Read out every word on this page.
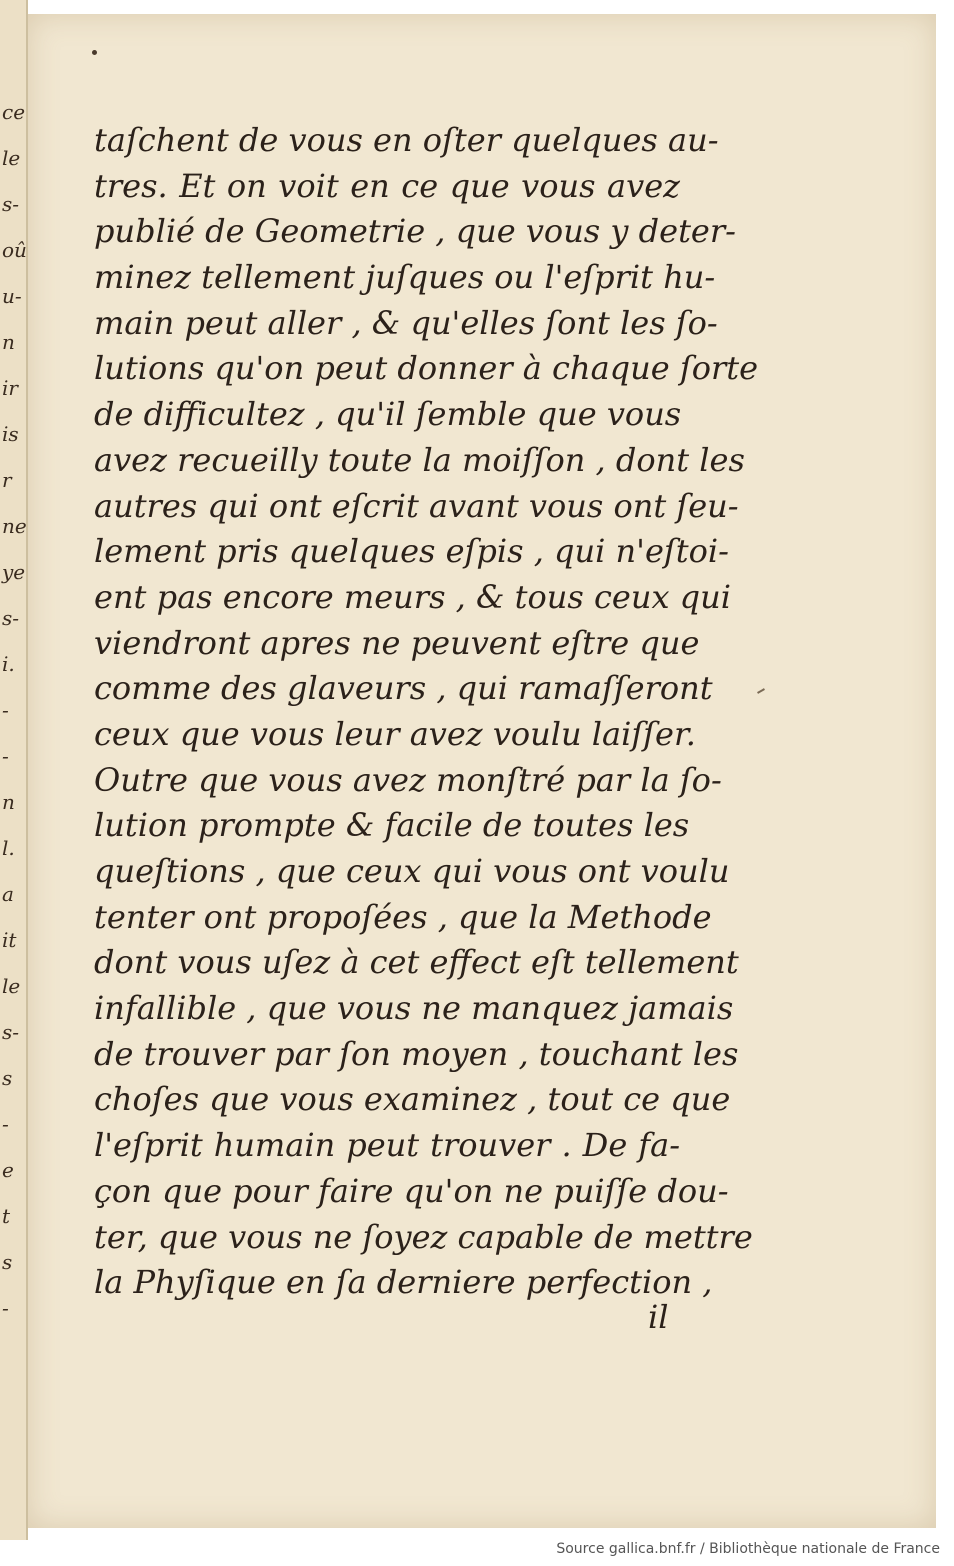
ce
le
s-
oû
u-
n
ir
is
r
ne
ye
s-
i.
-
-
n
l.
a
it
le
s-
s
-
e
t
s
-
taſchent de vous en oſter quelques au-
tres. Et on voit en ce que vous avez
publié de Geometrie , que vous y deter-
minez tellement juſques ou l'eſprit hu-
main peut aller , & qu'elles ſont les ſo-
lutions qu'on peut donner à chaque ſorte
de difficultez , qu'il ſemble que vous
avez recueilly toute la moiſſon , dont les
autres qui ont eſcrit avant vous ont ſeu-
lement pris quelques eſpis , qui n'eſtoi-
ent pas encore meurs , & tous ceux qui
viendront apres ne peuvent eſtre que
comme des glaveurs , qui ramaſſeront
ceux que vous leur avez voulu laiſſer.
Outre que vous avez monſtré par la ſo-
lution prompte & facile de toutes les
queſtions , que ceux qui vous ont voulu
tenter ont propoſées , que la Methode
dont vous uſez à cet effect eſt tellement
infallible , que vous ne manquez jamais
de trouver par ſon moyen , touchant les
choſes que vous examinez , tout ce que
l'eſprit humain peut trouver . De fa-
çon que pour faire qu'on ne puiſſe dou-
ter, que vous ne ſoyez capable de mettre
la Phyſique en ſa derniere perfection ,
il
Source gallica.bnf.fr / Bibliothèque nationale de France
